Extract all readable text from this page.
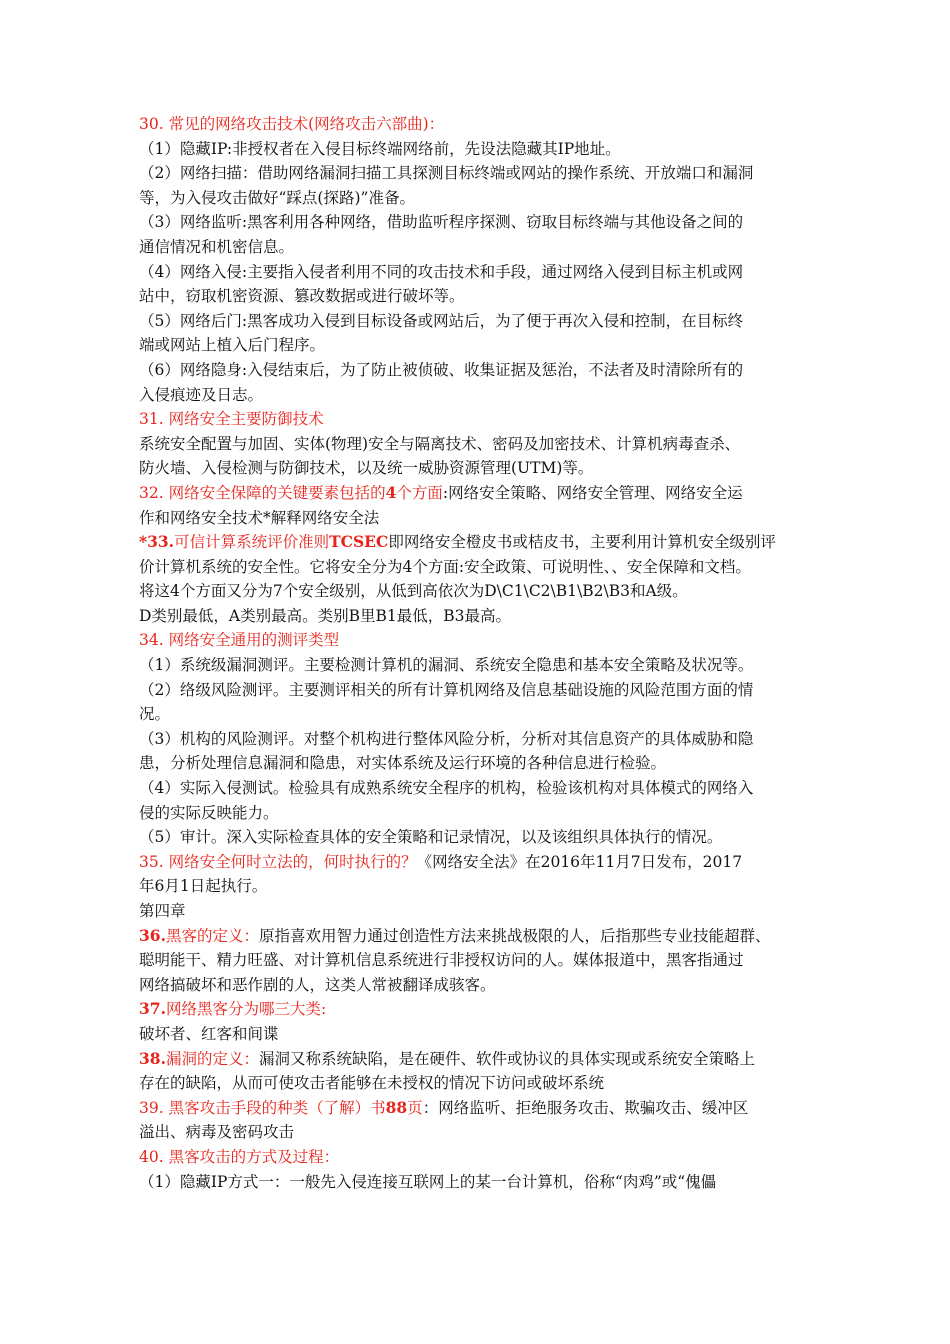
30. 常见的网络攻击技术(网络攻击六部曲)：
（1）隐藏IP:非授权者在入侵目标终端网络前，先设法隐藏其IP地址。
（2）网络扫描：借助网络漏洞扫描工具探测目标终端或网站的操作系统、开放端口和漏洞
等，为入侵攻击做好“踩点(探路)”准备。
（3）网络监听:黑客利用各种网络，借助监听程序探测、窃取目标终端与其他设备之间的
通信情况和机密信息。
（4）网络入侵:主要指入侵者利用不同的攻击技术和手段，通过网络入侵到目标主机或网
站中，窃取机密资源、篡改数据或进行破坏等。
（5）网络后门:黑客成功入侵到目标设备或网站后，为了便于再次入侵和控制，在目标终
端或网站上植入后门程序。
（6）网络隐身:入侵结束后，为了防止被侦破、收集证据及惩治，不法者及时清除所有的
入侵痕迹及日志。
31. 网络安全主要防御技术
系统安全配置与加固、实体(物理)安全与隔离技术、密码及加密技术、计算机病毒查杀、
防火墙、入侵检测与防御技术，以及统一威胁资源管理(UTM)等。
32. 网络安全保障的关键要素包括的4个方面:网络安全策略、网络安全管理、网络安全运
作和网络安全技术*解释网络安全法
*33.可信计算系统评价准则TCSEC即网络安全橙皮书或桔皮书，主要利用计算机安全级别评
价计算机系统的安全性。它将安全分为4个方面:安全政策、可说明性、、安全保障和文档。
将这4个方面又分为7个安全级别，从低到高依次为D\C1\C2\B1\B2\B3和A级。
D类别最低，A类别最高。类别B里B1最低，B3最高。
34. 网络安全通用的测评类型
（1）系统级漏洞测评。主要检测计算机的漏洞、系统安全隐患和基本安全策略及状况等。
（2）络级风险测评。主要测评相关的所有计算机网络及信息基础设施的风险范围方面的情
况。
（3）机构的风险测评。对整个机构进行整体风险分析，分析对其信息资产的具体威胁和隐
患，分析处理信息漏洞和隐患，对实体系统及运行环境的各种信息进行检验。
（4）实际入侵测试。检验具有成熟系统安全程序的机构，检验该机构对具体模式的网络入
侵的实际反映能力。
（5）审计。深入实际检查具体的安全策略和记录情况，以及该组织具体执行的情况。
35. 网络安全何时立法的，何时执行的？《网络安全法》在2016年11月7日发布，2017
年6月1日起执行。
第四章
36.黑客的定义：原指喜欢用智力通过创造性方法来挑战极限的人，后指那些专业技能超群、
聪明能干、精力旺盛、对计算机信息系统进行非授权访问的人。媒体报道中，黑客指通过
网络搞破坏和恶作剧的人，这类人常被翻译成骇客。
37.网络黑客分为哪三大类:
破坏者、红客和间谍
38.漏洞的定义：漏洞又称系统缺陷，是在硬件、软件或协议的具体实现或系统安全策略上
存在的缺陷，从而可使攻击者能够在未授权的情况下访问或破坏系统
39. 黑客攻击手段的种类（了解）书88页：网络监听、拒绝服务攻击、欺骗攻击、缓冲区
溢出、病毒及密码攻击
40. 黑客攻击的方式及过程：
（1）隐藏IP方式一：一般先入侵连接互联网上的某一台计算机，俗称“肉鸡”或“傀儡
